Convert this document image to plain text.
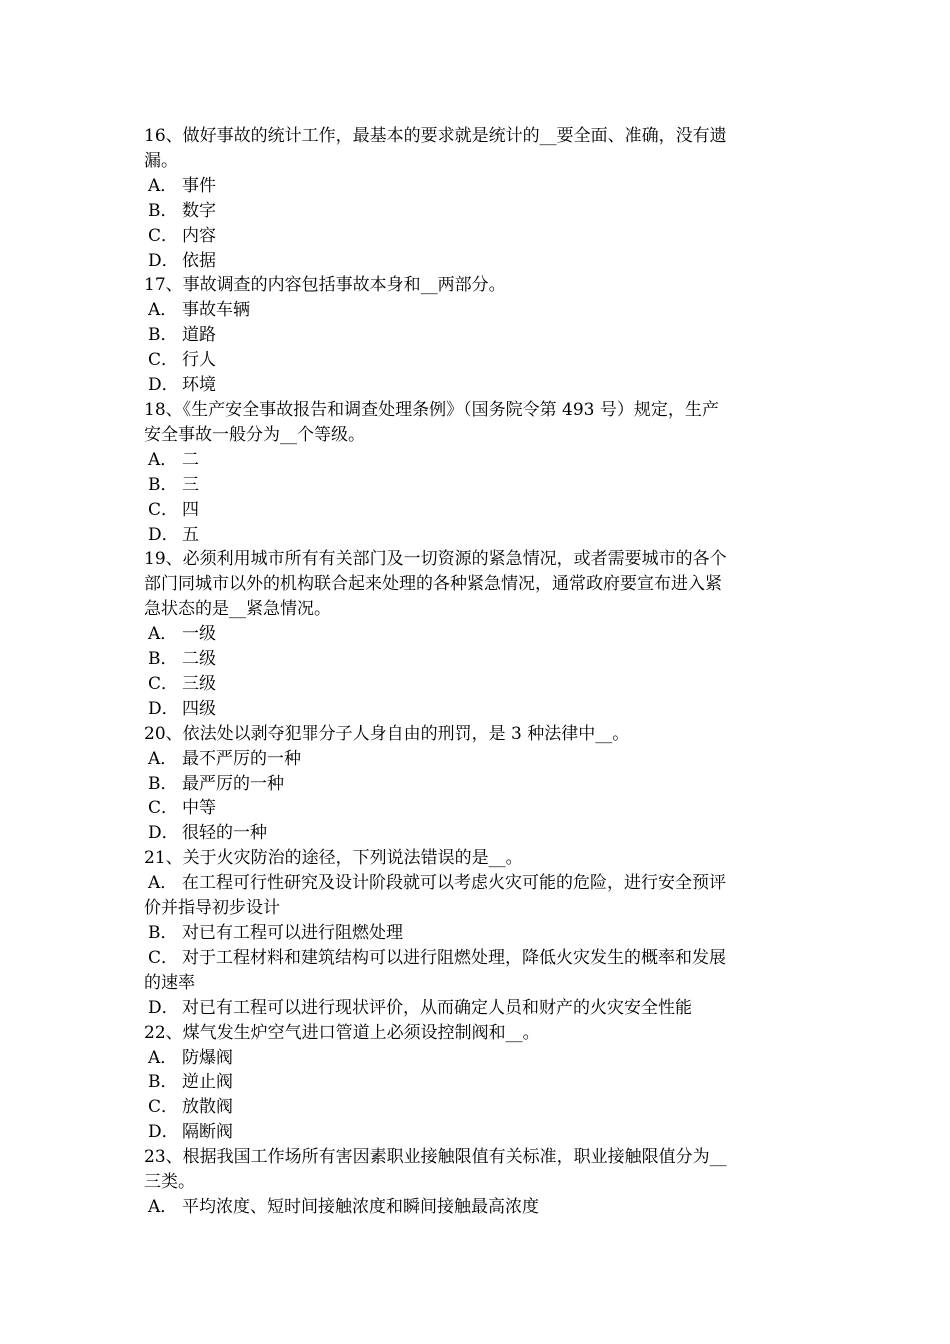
16、做好事故的统计工作，最基本的要求就是统计的__要全面、准确，没有遗
漏。
A． 事件
B． 数字
C． 内容
D． 依据
17、事故调查的内容包括事故本身和__两部分。
A． 事故车辆
B． 道路
C． 行人
D． 环境
18、《生产安全事故报告和调查处理条例》（国务院令第 493 号）规定，生产
安全事故一般分为__个等级。
A． 二
B． 三
C． 四
D． 五
19、必须利用城市所有有关部门及一切资源的紧急情况，或者需要城市的各个
部门同城市以外的机构联合起来处理的各种紧急情况，通常政府要宣布进入紧
急状态的是__紧急情况。
A． 一级
B． 二级
C． 三级
D． 四级
20、依法处以剥夺犯罪分子人身自由的刑罚，是 3 种法律中__。
A． 最不严厉的一种
B． 最严厉的一种
C． 中等
D． 很轻的一种
21、关于火灾防治的途径，下列说法错误的是__。
A． 在工程可行性研究及设计阶段就可以考虑火灾可能的危险，进行安全预评
价并指导初步设计
B． 对已有工程可以进行阻燃处理
C． 对于工程材料和建筑结构可以进行阻燃处理，降低火灾发生的概率和发展
的速率
D． 对已有工程可以进行现状评价，从而确定人员和财产的火灾安全性能
22、煤气发生炉空气进口管道上必须设控制阀和__。
A． 防爆阀
B． 逆止阀
C． 放散阀
D． 隔断阀
23、根据我国工作场所有害因素职业接触限值有关标准，职业接触限值分为__
三类。
A． 平均浓度、短时间接触浓度和瞬间接触最高浓度
